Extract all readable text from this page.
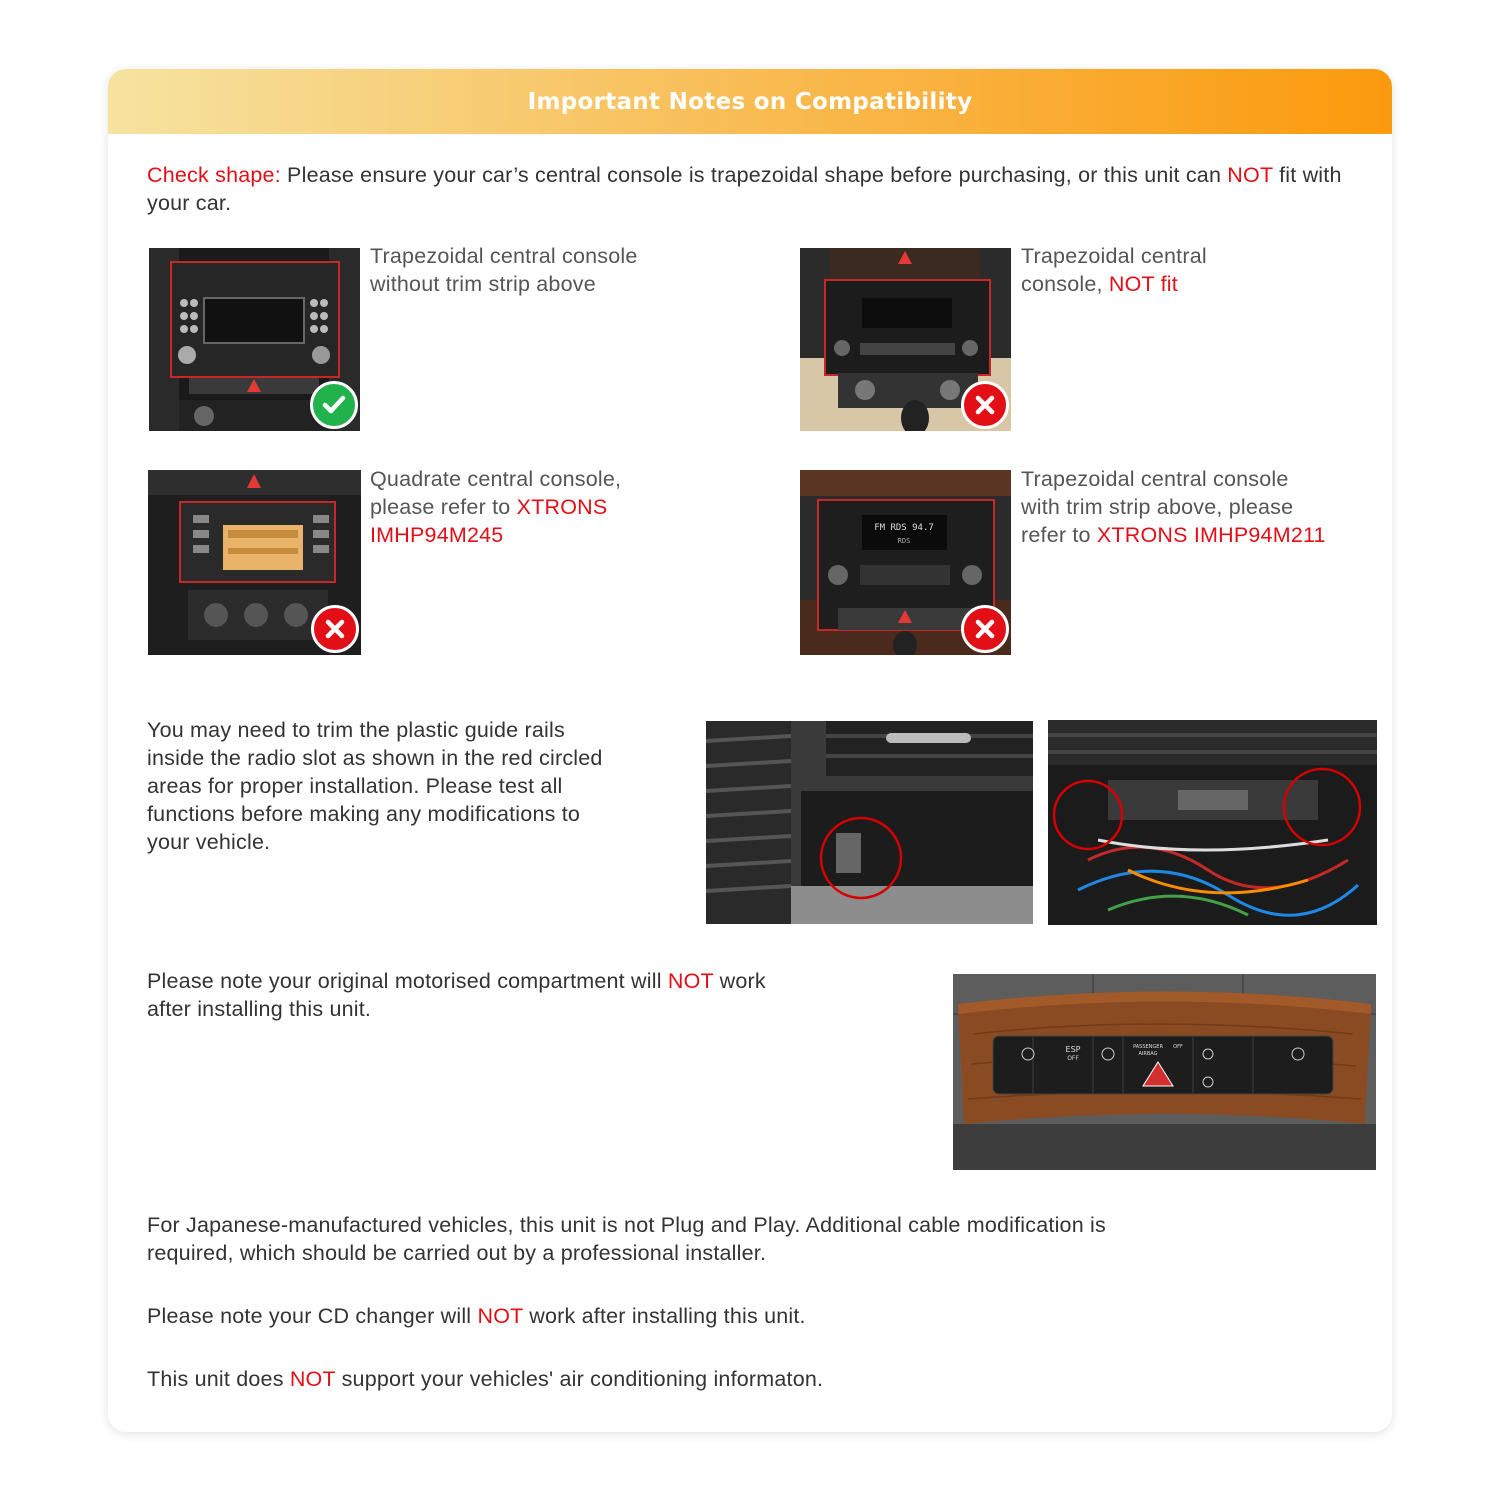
Important Notes on Compatibility
Check shape: Please ensure your car’s central console is trapezoidal shape before purchasing, or this unit can NOT fit with your car.
Trapezoidal central console
without trim strip above
Trapezoidal central
console, NOT fit
Quadrate central console,
please refer to XTRONS
IMHP94M245	FM RDS 94.7
RDS
Trapezoidal central console
with trim strip above, please
refer to XTRONS IMHP94M211
You may need to trim the plastic guide rails
inside the radio slot as shown in the red circled
areas for proper installation. Please test all
functions before making any modifications to
your vehicle.
Please note your original motorised compartment will NOT work
after installing this unit.
ESP
OFF
PASSENGER
AIRBAG
OFF
For Japanese-manufactured vehicles, this unit is not Plug and Play. Additional cable modification is
required, which should be carried out by a professional installer.
Please note your CD changer will NOT work after installing this unit.
This unit does NOT support your vehicles' air conditioning informaton.
